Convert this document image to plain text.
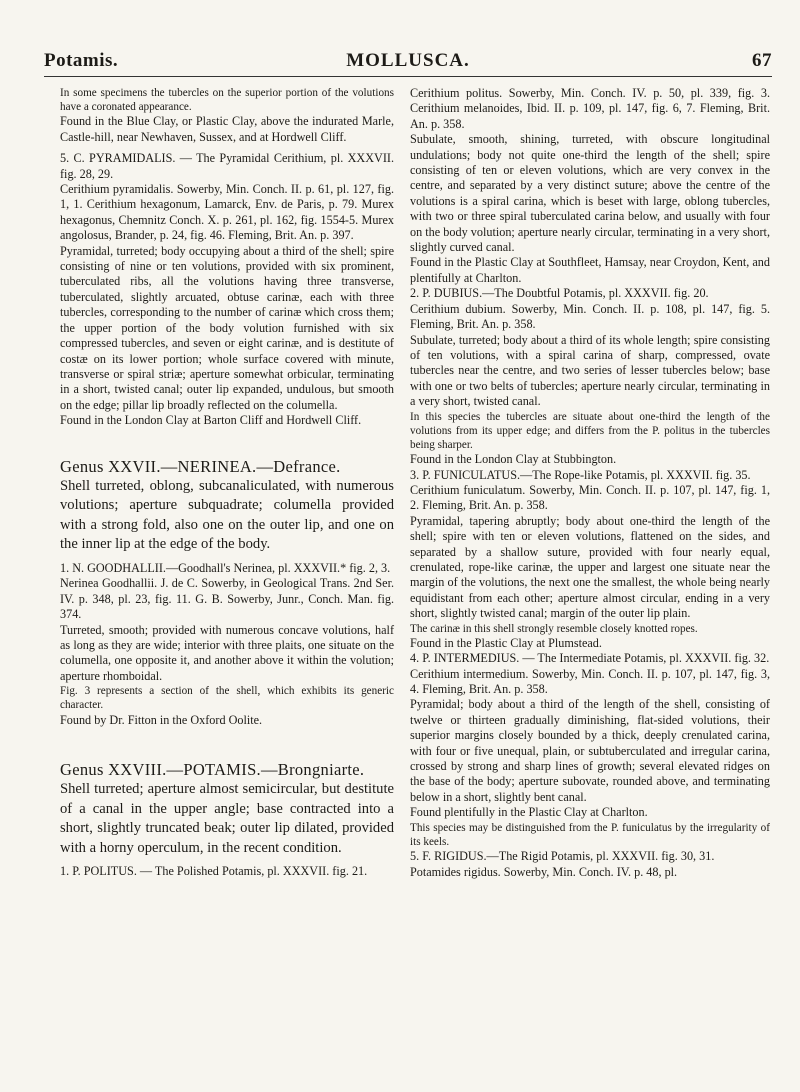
Potamis.	MOLLUSCA.	67

In some specimens the tubercles on the superior portion of the volutions have a coronated appearance.

Found in the Blue Clay, or Plastic Clay, above the indurated Marle, Castle-hill, near Newhaven, Sussex, and at Hordwell Cliff.

5. C. PYRAMIDALIS. — The Pyramidal Cerithium, pl. XXXVII. fig. 28, 29.

Cerithium pyramidalis. Sowerby, Min. Conch. II. p. 61, pl. 127, fig. 1, 1. Cerithium hexagonum, Lamarck, Env. de Paris, p. 79. Murex hexagonus, Chemnitz Conch. X. p. 261, pl. 162, fig. 1554-5. Murex angolosus, Brander, p. 24, fig. 46. Fleming, Brit. An. p. 397.

Pyramidal, turreted; body occupying about a third of the shell; spire consisting of nine or ten volutions, provided with six prominent, tuberculated ribs, all the volutions having three transverse, tuberculated, slightly arcuated, obtuse carinæ, each with three tubercles, corresponding to the number of carinæ which cross them; the upper portion of the body volution furnished with six compressed tubercles, and seven or eight carinæ, and is destitute of costæ on its lower portion; whole surface covered with minute, transverse or spiral striæ; aperture somewhat orbicular, terminating in a short, twisted canal; outer lip expanded, undulous, but smooth on the edge; pillar lip broadly reflected on the columella.

Found in the London Clay at Barton Cliff and Hordwell Cliff.

Genus XXVII.—NERINEA.—Defrance.

Shell turreted, oblong, subcanaliculated, with numerous volutions; aperture subquadrate; columella provided with a strong fold, also one on the outer lip, and one on the inner lip at the edge of the body.

1. N. GOODHALLII.—Goodhall's Nerinea, pl. XXXVII.* fig. 2, 3.

Nerinea Goodhallii. J. de C. Sowerby, in Geological Trans. 2nd Ser. IV. p. 348, pl. 23, fig. 11. G. B. Sowerby, Junr., Conch. Man. fig. 374.

Turreted, smooth; provided with numerous concave volutions, half as long as they are wide; interior with three plaits, one situate on the columella, one opposite it, and another above it within the volution; aperture rhomboidal.

Fig. 3 represents a section of the shell, which exhibits its generic character.

Found by Dr. Fitton in the Oxford Oolite.

Genus XXVIII.—POTAMIS.—Brongniarte.

Shell turreted; aperture almost semicircular, but destitute of a canal in the upper angle; base contracted into a short, slightly truncated beak; outer lip dilated, provided with a horny operculum, in the recent condition.

1. P. POLITUS. — The Polished Potamis, pl. XXXVII. fig. 21.

Cerithium politus. Sowerby, Min. Conch. IV. p. 50, pl. 339, fig. 3. Cerithium melanoides, Ibid. II. p. 109, pl. 147, fig. 6, 7. Fleming, Brit. An. p. 358.

Subulate, smooth, shining, turreted, with obscure longitudinal undulations; body not quite one-third the length of the shell; spire consisting of ten or eleven volutions, which are very convex in the centre, and separated by a very distinct suture; above the centre of the volutions is a spiral carina, which is beset with large, oblong tubercles, with two or three spiral tuberculated carina below, and usually with four on the body volution; aperture nearly circular, terminating in a very short, slightly curved canal.

Found in the Plastic Clay at Southfleet, Hamsay, near Croydon, Kent, and plentifully at Charlton.

2. P. DUBIUS.—The Doubtful Potamis, pl. XXXVII. fig. 20.

Cerithium dubium. Sowerby, Min. Conch. II. p. 108, pl. 147, fig. 5. Fleming, Brit. An. p. 358.

Subulate, turreted; body about a third of its whole length; spire consisting of ten volutions, with a spiral carina of sharp, compressed, ovate tubercles near the centre, and two series of lesser tubercles below; base with one or two belts of tubercles; aperture nearly circular, terminating in a very short, twisted canal.

In this species the tubercles are situate about one-third the length of the volutions from its upper edge; and differs from the P. politus in the tubercles being sharper.

Found in the London Clay at Stubbington.

3. P. FUNICULATUS.—The Rope-like Potamis, pl. XXXVII. fig. 35.

Cerithium funiculatum. Sowerby, Min. Conch. II. p. 107, pl. 147, fig. 1, 2. Fleming, Brit. An. p. 358.

Pyramidal, tapering abruptly; body about one-third the length of the shell; spire with ten or eleven volutions, flattened on the sides, and separated by a shallow suture, provided with four nearly equal, crenulated, rope-like carinæ, the upper and largest one situate near the margin of the volutions, the next one the smallest, the whole being nearly equidistant from each other; aperture almost circular, ending in a very short, slightly twisted canal; margin of the outer lip plain.

The carinæ in this shell strongly resemble closely knotted ropes.

Found in the Plastic Clay at Plumstead.

4. P. INTERMEDIUS. — The Intermediate Potamis, pl. XXXVII. fig. 32.

Cerithium intermedium. Sowerby, Min. Conch. II. p. 107, pl. 147, fig. 3, 4. Fleming, Brit. An. p. 358.

Pyramidal; body about a third of the length of the shell, consisting of twelve or thirteen gradually diminishing, flat-sided volutions, their superior margins closely bounded by a thick, deeply crenulated carina, with four or five unequal, plain, or subtuberculated and irregular carina, crossed by strong and sharp lines of growth; several elevated ridges on the base of the body; aperture subovate, rounded above, and terminating below in a short, slightly bent canal.

Found plentifully in the Plastic Clay at Charlton.

This species may be distinguished from the P. funiculatus by the irregularity of its keels.

5. F. RIGIDUS.—The Rigid Potamis, pl. XXXVII. fig. 30, 31.

Potamides rigidus. Sowerby, Min. Conch. IV. p. 48, pl.
